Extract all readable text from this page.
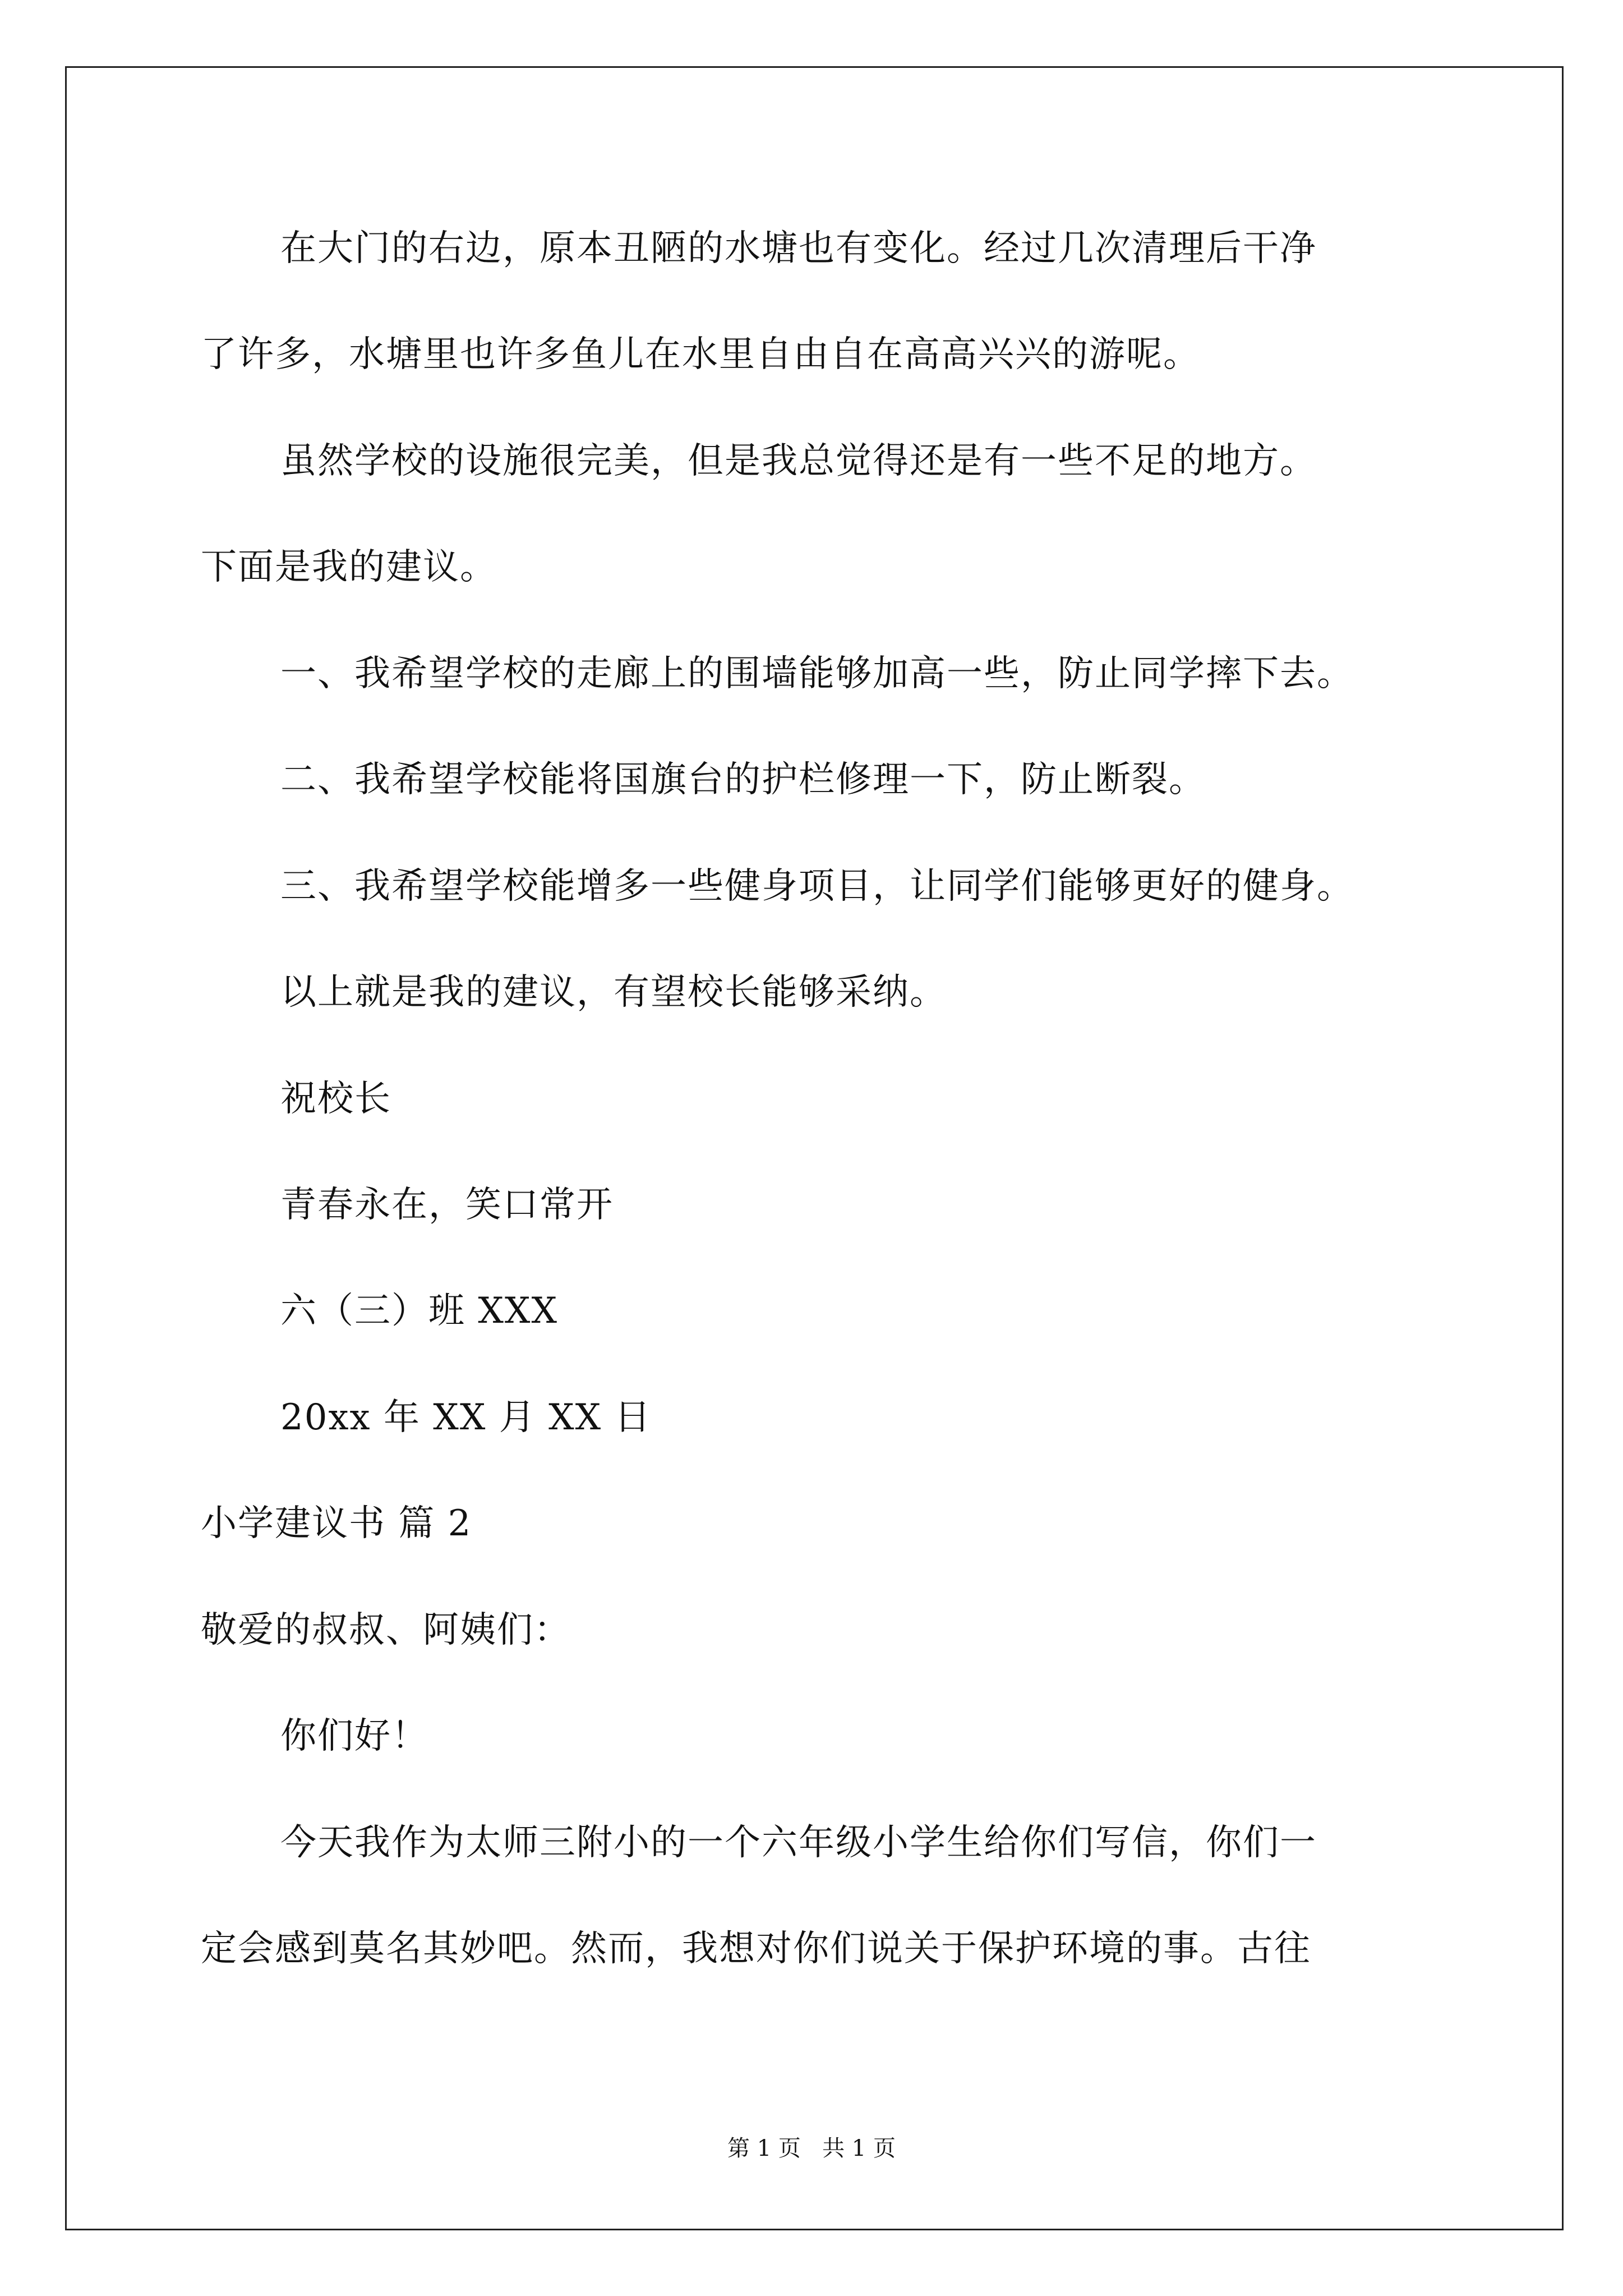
在大门的右边，原本丑陋的水塘也有变化。经过几次清理后干净
了许多，水塘里也许多鱼儿在水里自由自在高高兴兴的游呢。
虽然学校的设施很完美，但是我总觉得还是有一些不足的地方。
下面是我的建议。
一、我希望学校的走廊上的围墙能够加高一些，防止同学摔下去。
二、我希望学校能将国旗台的护栏修理一下，防止断裂。
三、我希望学校能增多一些健身项目，让同学们能够更好的健身。
以上就是我的建议，有望校长能够采纳。
祝校长
青春永在，笑口常开
六（三）班 XXX
20xx 年 XX 月 XX 日
小学建议书 篇 2
敬爱的叔叔、阿姨们：
你们好！
今天我作为太师三附小的一个六年级小学生给你们写信，你们一
定会感到莫名其妙吧。然而，我想对你们说关于保护环境的事。古往
第 1 页   共 1 页
